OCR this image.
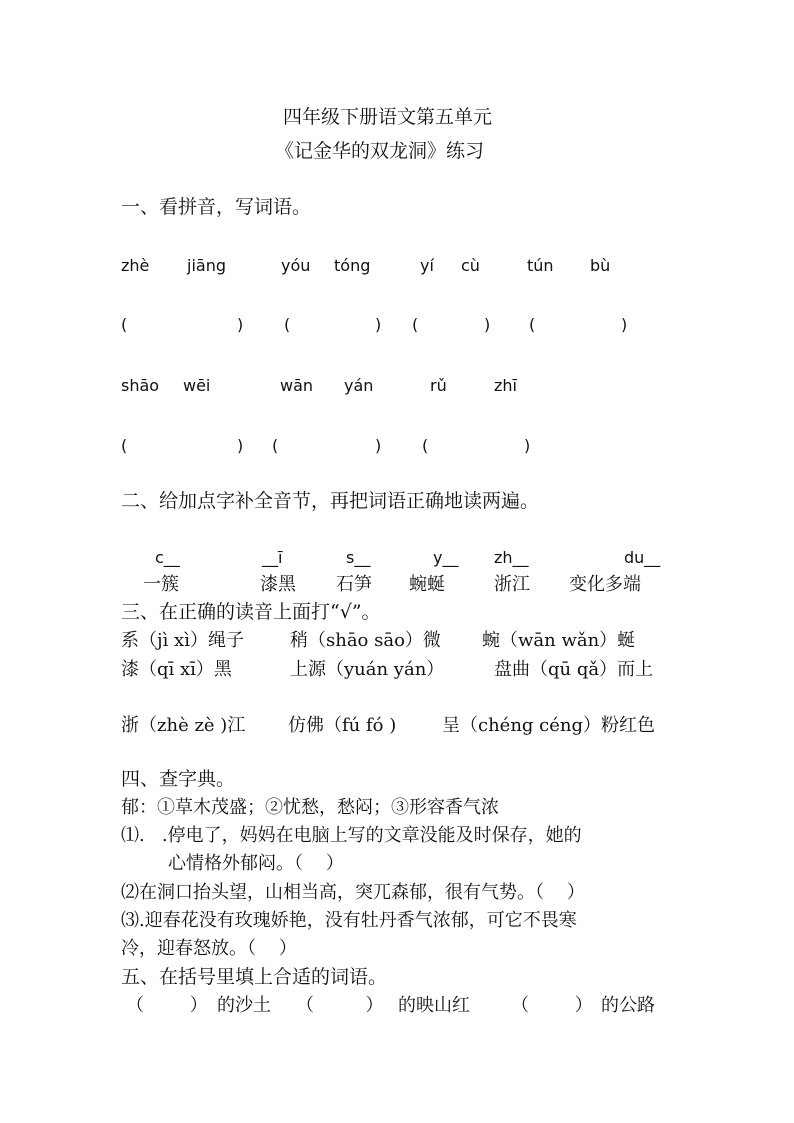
四年级下册语文第五单元
《记金华的双龙洞》练习
一、看拼音，写词语。
zhè jiāng	yóu tóng	yí cù	tún bù
(	)	(	) (	) (	)
shāo wēi	wān yán	rǔ	zhī
(	) (	)	(	)
二、给加点字补全音节，再把词语正确地读两遍。
c__	__ī	s__	y__ zh__	du__
一簇	漆黑 石笋 蜿蜒	浙江 变化多端
三、在正确的读音上面打“√”。
系（jì xì）绳子	稍（shāo sāo）微 蜿（wān wǎn）蜒
漆（qī xī）黑	上源（yuán yán）	盘曲（qū qǎ）而上
浙（zhè zè )江 仿佛（fú fó )	呈（chéng céng）粉红色
四、查字典。
郁：①草木茂盛；②忧愁，愁闷；③形容香气浓
⑴.   .停电了，妈妈在电脑上写的文章没能及时保存，她的
心情格外郁闷。（    ）
⑵在洞口抬头望，山相当高，突兀森郁，很有气势。（    ）
⑶.迎春花没有玫瑰娇艳，没有牡丹香气浓郁，可它不畏寒
冷，迎春怒放。（    ）
五、在括号里填上合适的词语。
（        ） 的沙土 （         ） 的映山红 （        ） 的公路
